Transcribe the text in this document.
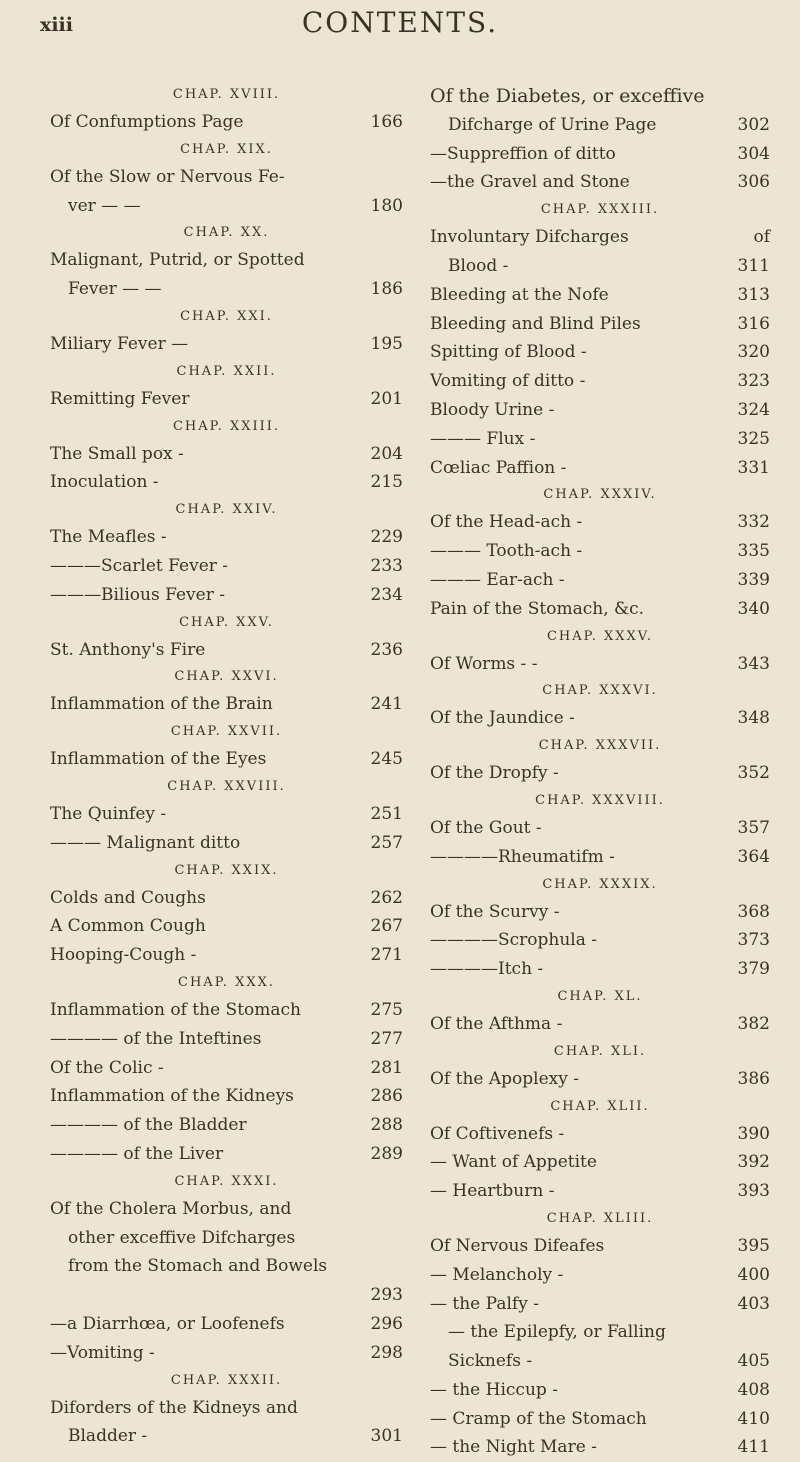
xiii	CONTENTS.
CHAP. XVIII.
Of Confumptions Page	166
CHAP. XIX.
Of the Slow or Nervous Fe-
ver — —	180
CHAP. XX.
Malignant, Putrid, or Spotted
Fever — —	186
CHAP. XXI.
Miliary Fever —	195
CHAP. XXII.
Remitting Fever	201
CHAP. XXIII.
The Small pox -	204
Inoculation -	215
CHAP. XXIV.
The Meafles -	229
———Scarlet Fever -	233
———Bilious Fever -	234
CHAP. XXV.
St. Anthony's Fire	236
CHAP. XXVI.
Inflammation of the Brain	241
CHAP. XXVII.
Inflammation of the Eyes	245
CHAP. XXVIII.
The Quinfey -	251
——— Malignant ditto	257
CHAP. XXIX.
Colds and Coughs	262
A Common Cough	267
Hooping-Cough -	271
CHAP. XXX.
Inflammation of the Stomach	275
———— of the Inteftines	277
Of the Colic -	281
Inflammation of the Kidneys	286
———— of the Bladder	288
———— of the Liver	289
CHAP. XXXI.
Of the Cholera Morbus, and
other exceffive Difcharges
from the Stomach and Bowels
293
—a Diarrhœa, or Loofenefs	296
—Vomiting -	298
CHAP. XXXII.
Diforders of the Kidneys and
Bladder -	301
Of the Diabetes, or exceffive
Difcharge of Urine Page	302
—Suppreffion of ditto	304
—the Gravel and Stone	306
CHAP. XXXIII.
Involuntary Difcharges	of
Blood -	311
Bleeding at the Nofe	313
Bleeding and Blind Piles	316
Spitting of Blood -	320
Vomiting of ditto -	323
Bloody Urine -	324
——— Flux -	325
Cœliac Paffion -	331
CHAP. XXXIV.
Of the Head-ach -	332
——— Tooth-ach -	335
——— Ear-ach -	339
Pain of the Stomach, &c.	340
CHAP. XXXV.
Of Worms - -	343
CHAP. XXXVI.
Of the Jaundice -	348
CHAP. XXXVII.
Of the Dropfy -	352
CHAP. XXXVIII.
Of the Gout -	357
————Rheumatifm -	364
CHAP. XXXIX.
Of the Scurvy -	368
————Scrophula -	373
————Itch -	379
CHAP. XL.
Of the Afthma -	382
CHAP. XLI.
Of the Apoplexy -	386
CHAP. XLII.
Of Coftivenefs -	390
— Want of Appetite	392
— Heartburn -	393
CHAP. XLIII.
Of Nervous Difeafes	395
— Melancholy -	400
— the Palfy -	403
— the Epilepfy, or Falling
Sicknefs -	405
— the Hiccup -	408
— Cramp of the Stomach	410
— the Night Mare -	411
